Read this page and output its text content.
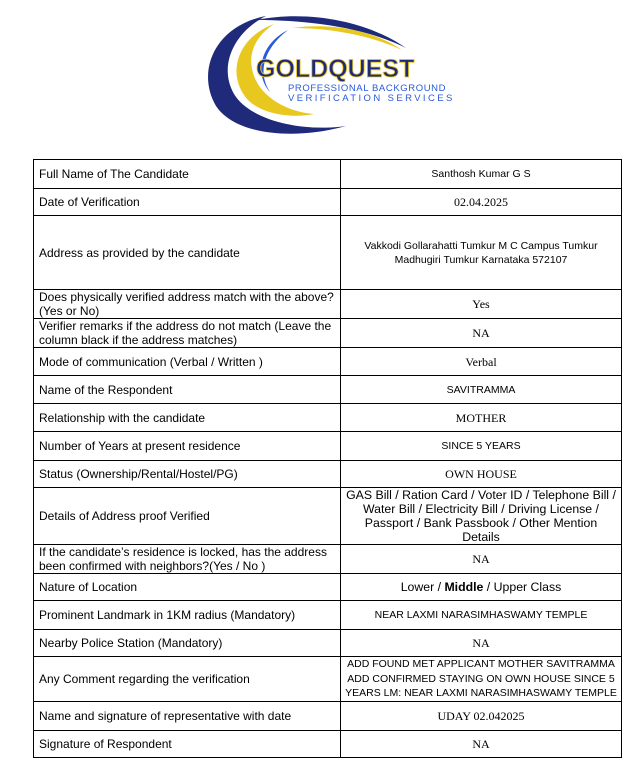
GOLDQUEST
PROFESSIONAL BACKGROUND
VERIFICATION SERVICES
Full Name of The Candidate	Santhosh Kumar G S
Date of Verification	02.04.2025
Address as provided by the candidate	Vakkodi Gollarahatti Tumkur M C Campus Tumkur Madhugiri Tumkur Karnataka 572107
Does physically verified address match with the above? (Yes or No)	Yes
Verifier remarks if the address do not match (Leave the column black if the address matches)	NA
Mode of communication (Verbal / Written )	Verbal
Name of the Respondent	SAVITRAMMA
Relationship with the candidate	MOTHER
Number of Years at present residence	SINCE 5 YEARS
Status (Ownership/Rental/Hostel/PG)	OWN HOUSE
Details of Address proof Verified	GAS Bill / Ration Card / Voter ID / Telephone Bill / Water Bill / Electricity Bill / Driving License / Passport / Bank Passbook / Other Mention Details
If the candidate’s residence is locked, has the address been confirmed with neighbors?(Yes / No )	NA
Nature of Location	Lower / Middle / Upper Class
Prominent Landmark in 1KM radius (Mandatory)	NEAR LAXMI NARASIMHASWAMY TEMPLE
Nearby Police Station (Mandatory)	NA
Any Comment regarding the verification	ADD FOUND MET APPLICANT MOTHER SAVITRAMMA ADD CONFIRMED STAYING ON OWN HOUSE SINCE 5 YEARS LM: NEAR LAXMI NARASIMHASWAMY TEMPLE
Name and signature of representative with date	UDAY 02.042025
Signature of Respondent	NA
